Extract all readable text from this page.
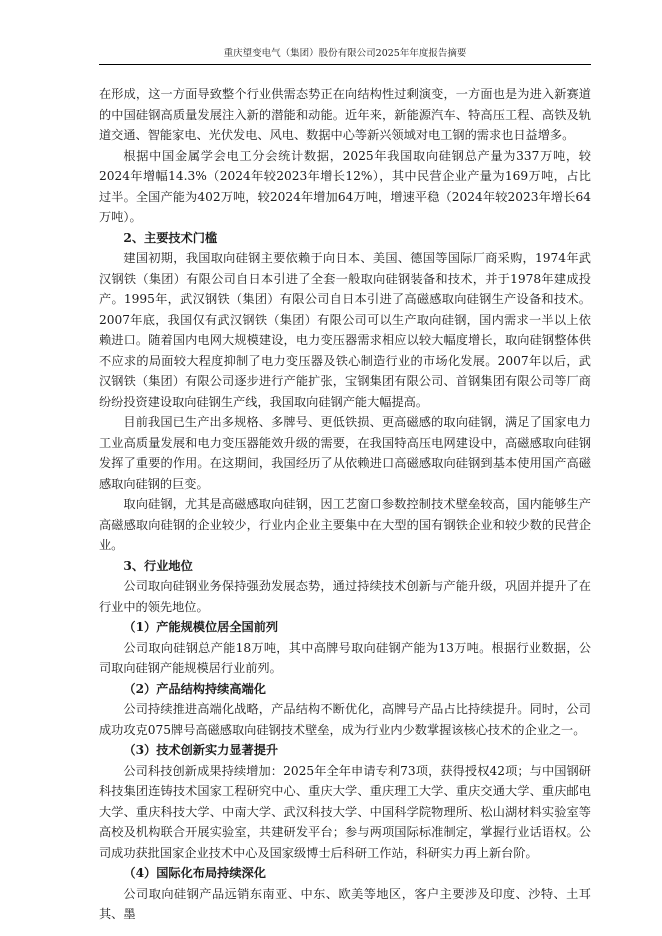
重庆望变电气（集团）股份有限公司2025年年度报告摘要

在形成，这一方面导致整个行业供需态势正在向结构性过剩演变，一方面也是为进入新赛道的中国硅钢高质量发展注入新的潜能和动能。近年来，新能源汽车、特高压工程、高铁及轨道交通、智能家电、光伏发电、风电、数据中心等新兴领域对电工钢的需求也日益增多。

根据中国金属学会电工分会统计数据，2025年我国取向硅钢总产量为337万吨，较2024年增幅14.3%（2024年较2023年增长12%），其中民营企业产量为169万吨，占比过半。全国产能为402万吨，较2024年增加64万吨，增速平稳（2024年较2023年增长64万吨）。

2、主要技术门槛

建国初期，我国取向硅钢主要依赖于向日本、美国、德国等国际厂商采购，1974年武汉钢铁（集团）有限公司自日本引进了全套一般取向硅钢装备和技术，并于1978年建成投产。1995年，武汉钢铁（集团）有限公司自日本引进了高磁感取向硅钢生产设备和技术。2007年底，我国仅有武汉钢铁（集团）有限公司可以生产取向硅钢，国内需求一半以上依赖进口。随着国内电网大规模建设，电力变压器需求相应以较大幅度增长，取向硅钢整体供不应求的局面较大程度抑制了电力变压器及铁心制造行业的市场化发展。2007年以后，武汉钢铁（集团）有限公司逐步进行产能扩张，宝钢集团有限公司、首钢集团有限公司等厂商纷纷投资建设取向硅钢生产线，我国取向硅钢产能大幅提高。

目前我国已生产出多规格、多牌号、更低铁损、更高磁感的取向硅钢，满足了国家电力工业高质量发展和电力变压器能效升级的需要，在我国特高压电网建设中，高磁感取向硅钢发挥了重要的作用。在这期间，我国经历了从依赖进口高磁感取向硅钢到基本使用国产高磁感取向硅钢的巨变。

取向硅钢，尤其是高磁感取向硅钢，因工艺窗口参数控制技术壁垒较高，国内能够生产高磁感取向硅钢的企业较少，行业内企业主要集中在大型的国有钢铁企业和较少数的民营企业。

3、行业地位

公司取向硅钢业务保持强劲发展态势，通过持续技术创新与产能升级，巩固并提升了在行业中的领先地位。

（1）产能规模位居全国前列

公司取向硅钢总产能18万吨，其中高牌号取向硅钢产能为13万吨。根据行业数据，公司取向硅钢产能规模居行业前列。

（2）产品结构持续高端化

公司持续推进高端化战略，产品结构不断优化，高牌号产品占比持续提升。同时，公司成功攻克075牌号高磁感取向硅钢技术壁垒，成为行业内少数掌握该核心技术的企业之一。

（3）技术创新实力显著提升

公司科技创新成果持续增加：2025年全年申请专利73项，获得授权42项；与中国钢研科技集团连铸技术国家工程研究中心、重庆大学、重庆理工大学、重庆交通大学、重庆邮电大学、重庆科技大学、中南大学、武汉科技大学、中国科学院物理所、松山湖材料实验室等高校及机构联合开展实验室，共建研发平台；参与两项国际标准制定，掌握行业话语权。公司成功获批国家企业技术中心及国家级博士后科研工作站，科研实力再上新台阶。

（4）国际化布局持续深化

公司取向硅钢产品远销东南亚、中东、欧美等地区，客户主要涉及印度、沙特、土耳其、墨
